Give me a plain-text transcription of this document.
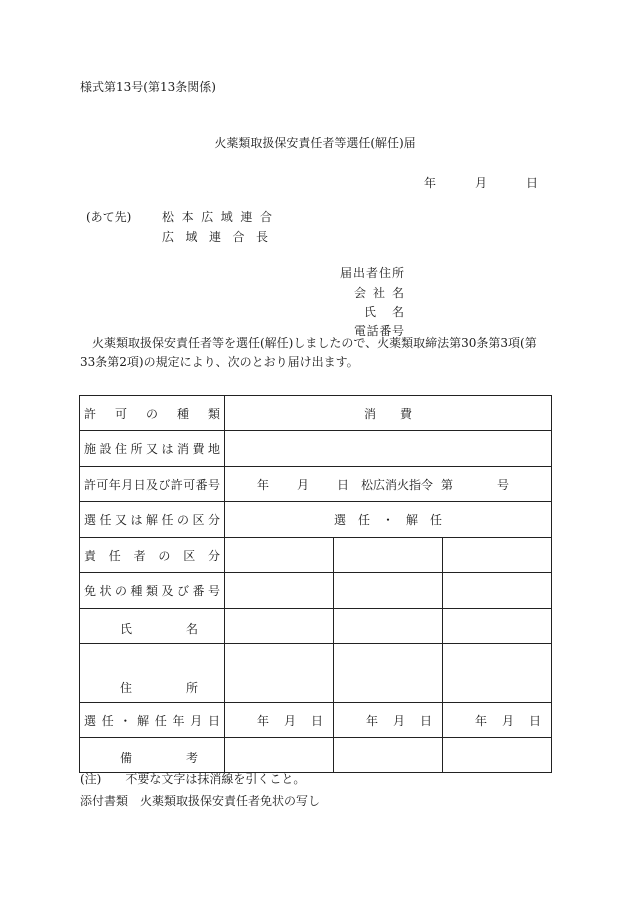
様式第13号(第13条関係)
火薬類取扱保安責任者等選任(解任)届
年	月	日
(あて先)	松本広域連合
広域連合長
届出者住所
会社名
氏名
電話番号
火薬類取扱保安責任者等を選任(解任)しましたので、火薬類取締法第30条第3項(第33条第2項)の規定により、次のとおり届け出ます。
許可の種類	消　　費		
施設住所又は消費地			
許可年月日及び許可番号	年 月 日 松広消火指令 第 号		
選任又は解任の区分	選　任　・　解　任		
責任者の区分			
免状の種類及び番号			
氏名			
住所			
選任・解任年月日	年 月 日	年 月 日	年 月 日

備考			
(注)　　不要な文字は抹消線を引くこと。
添付書類　火薬類取扱保安責任者免状の写し
